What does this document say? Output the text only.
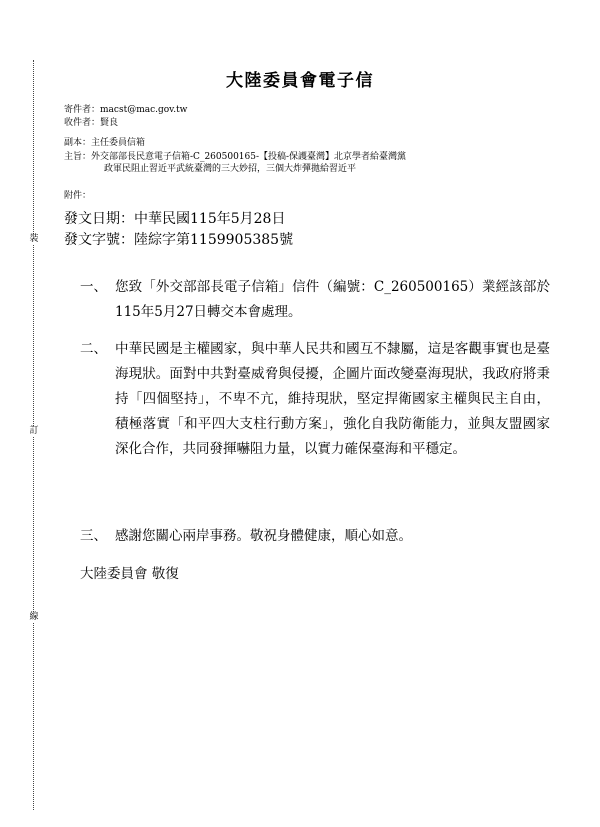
裝
訂
線
大陸委員會電子信
寄件者：macst@mac.gov.tw
收件者：賢良
副本：主任委員信箱
主旨：外交部部長民意電子信箱-C_260500165-【投稿-保護臺灣】北京學者給臺灣黨
政軍民阻止習近平武統臺灣的三大妙招，三個大炸彈拋給習近平
附件：
發文日期：中華民國115年5月28日
發文字號：陸綜字第1159905385號
一、 您致「外交部部長電子信箱」信件（編號：C_260500165）業經該部於115年5月27日轉交本會處理。
二、 中華民國是主權國家，與中華人民共和國互不隸屬，這是客觀事實也是臺海現狀。面對中共對臺威脅與侵擾，企圖片面改變臺海現狀，我政府將秉持「四個堅持」，不卑不亢，維持現狀，堅定捍衛國家主權與民主自由，積極落實「和平四大支柱行動方案」，強化自我防衛能力，並與友盟國家深化合作，共同發揮嚇阻力量，以實力確保臺海和平穩定。
三、 感謝您關心兩岸事務。敬祝身體健康，順心如意。
大陸委員會 敬復
